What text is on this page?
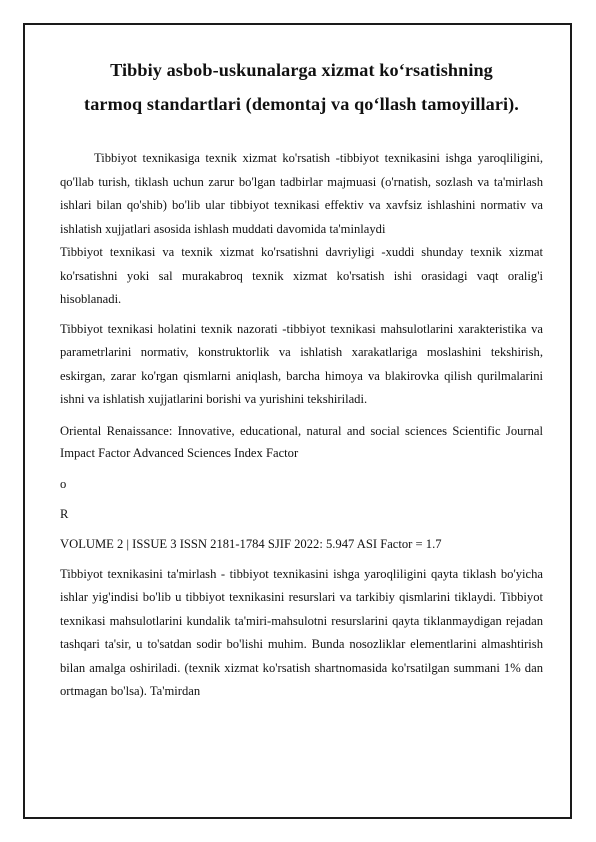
Tibbiy asbob-uskunalarga xizmat ko‘rsatishning
tarmoq standartlari (demontaj va qo‘llash tamoyillari).

Tibbiyot texnikasiga texnik xizmat ko'rsatish -tibbiyot texnikasini ishga yaroqliligini, qo'llab turish, tiklash uchun zarur bo'lgan tadbirlar majmuasi (o'rnatish, sozlash va ta'mirlash ishlari bilan qo'shib) bo'lib ular tibbiyot texnikasi effektiv va xavfsiz ishlashini normativ va ishlatish xujjatlari asosida ishlash muddati davomida ta'minlaydi

Tibbiyot texnikasi va texnik xizmat ko'rsatishni davriyligi -xuddi shunday texnik xizmat ko'rsatishni yoki sal murakabroq texnik xizmat ko'rsatish ishi orasidagi vaqt oralig'i hisoblanadi.

Tibbiyot texnikasi holatini texnik nazorati -tibbiyot texnikasi mahsulotlarini xarakteristika va parametrlarini normativ, konstruktorlik va ishlatish xarakatlariga moslashini tekshirish, eskirgan, zarar ko'rgan qismlarni aniqlash, barcha himoya va blakirovka qilish qurilmalarini ishni va ishlatish xujjatlarini borishi va yurishini tekshiriladi.

Oriental Renaissance: Innovative, educational, natural and social sciences Scientific Journal Impact Factor Advanced Sciences Index Factor

o

R

VOLUME 2 | ISSUE 3 ISSN 2181-1784 SJIF 2022: 5.947 ASI Factor = 1.7

Tibbiyot texnikasini ta'mirlash - tibbiyot texnikasini ishga yaroqliligini qayta tiklash bo'yicha ishlar yig'indisi bo'lib u tibbiyot texnikasini resurslari va tarkibiy qismlarini tiklaydi. Tibbiyot texnikasi mahsulotlarini kundalik ta'miri-mahsulotni resurslarini qayta tiklanmaydigan rejadan tashqari ta'sir, u to'satdan sodir bo'lishi muhim. Bunda nosozliklar elementlarini almashtirish bilan amalga oshiriladi. (texnik xizmat ko'rsatish shartnomasida ko'rsatilgan summani 1% dan ortmagan bo'lsa). Ta'mirdan
